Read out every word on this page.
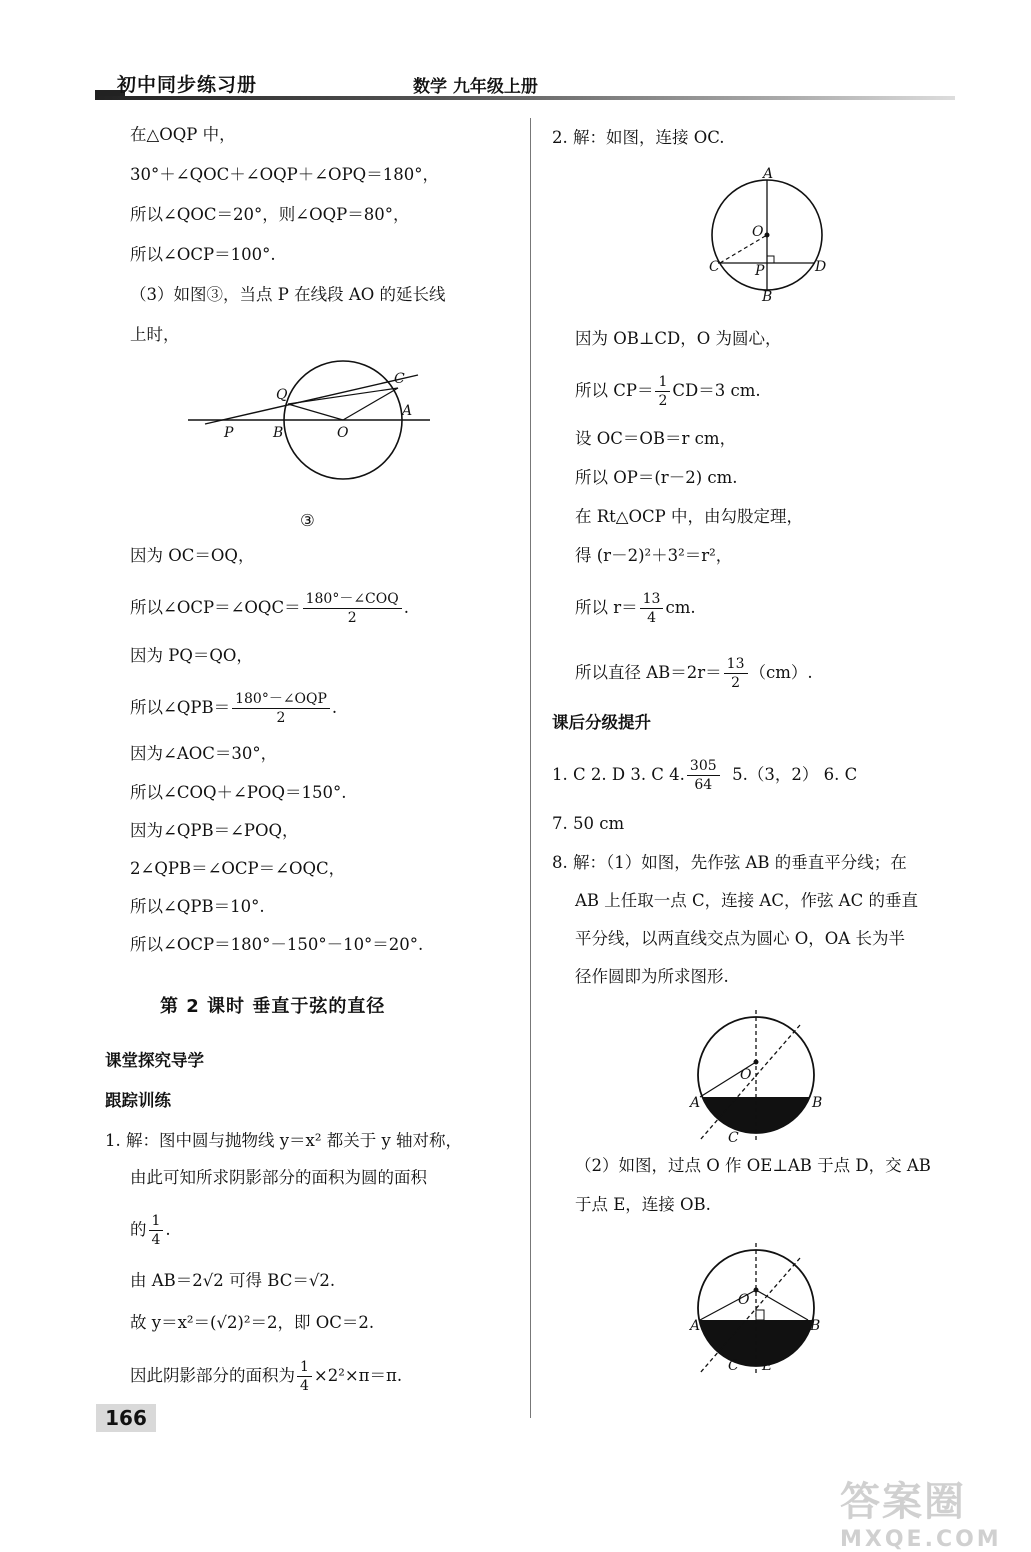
初中同步练习册	数学 九年级上册
在△OQP 中，
30°＋∠QOC＋∠OQP＋∠OPQ＝180°，
所以∠QOC＝20°，则∠OQP＝80°，
所以∠OCP＝100°.
（3）如图③，当点 P 在线段 AO 的延长线
上时，
P	B	O
Q
C
A
③
因为 OC＝OQ，
所以∠OCP＝∠OQC＝ $\frac{\text{180°－∠COQ}}{2}$ .
因为 PQ＝QO，
所以∠QPB＝ $\frac{\text{180°－∠OQP}}{2}$ .
因为∠AOC＝30°，
所以∠COQ＋∠POQ＝150°.
因为∠QPB＝∠POQ，
2∠QPB＝∠OCP＝∠OQC，
所以∠QPB＝10°.
所以∠OCP＝180°－150°－10°＝20°.
第 2 课时 垂直于弦的直径
课堂探究导学
跟踪训练
1. 解：图中圆与抛物线 y＝x² 都关于 y 轴对称，
由此可知所求阴影部分的面积为圆的面积
的 $\frac{1}{4}$ .
由 AB＝2√2 可得 BC＝√2.
故 y＝x²＝(√2)²＝2，即 OC＝2.
因此阴影部分的面积为 $\frac{1}{4} \times 2^2\times\pi=\pi$.
166
2. 解：如图，连接 OC.
A
O
C	P	D
B
因为 OB⊥CD，O 为圆心，
所以 $CP= \frac{1}{2} CD=3$ cm.
设 OC＝OB＝r cm，
所以 OP＝(r－2) cm.
在 Rt△OCP 中，由勾股定理，
得 (r－2)²＋3²＝r²，
所以 $r= \frac{13}{4}$ cm.
所以直径 $AB=2r= \frac{13}{2} (cm)$.
课后分级提升
1. C 2. D 3. C 4. $\frac{305}{64} 5.(3$，2） 6. C
7. 50 cm
8. 解：（1）如图，先作弦 AB 的垂直平分线；在
AB 上任取一点 C，连接 AC，作弦 AC 的垂直
平分线，以两直线交点为圆心 O，OA 长为半
径作圆即为所求图形.
O
A	B
C
（2）如图，过点 O 作 OE⊥AB 于点 D，交 AB
于点 E，连接 OB.
O
A	B
C E
答案圈
MXQE.COM
